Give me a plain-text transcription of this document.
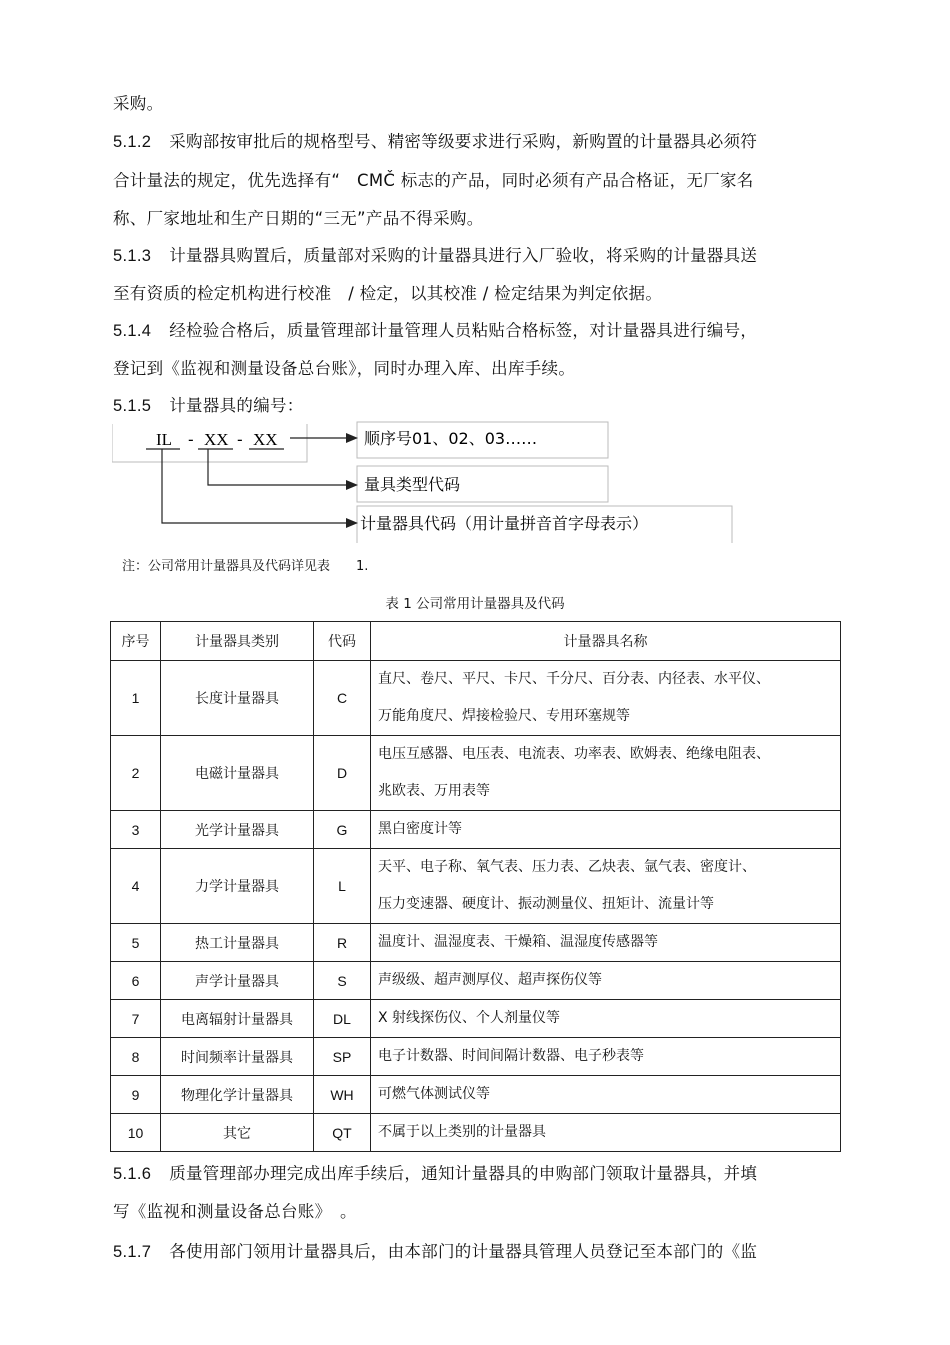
采购。
5.1.2 采购部按审批后的规格型号、精密等级要求进行采购，新购置的计量器具必须符
合计量法的规定，优先选择有“　CMČ 标志的产品，同时必须有产品合格证，无厂家名
称、厂家地址和生产日期的“三无”产品不得采购。
5.1.3 计量器具购置后，质量部对采购的计量器具进行入厂验收，将采购的计量器具送
至有资质的检定机构进行校准　/ 检定，以其校准 / 检定结果为判定依据。
5.1.4 经检验合格后，质量管理部计量管理人员粘贴合格标签，对计量器具进行编号，
登记到《监视和测量设备总台账》，同时办理入库、出库手续。
5.1.5 计量器具的编号：
IL - XX - XX	顺序号01、02、03……
量具类型代码
计量器具代码（用计量拼音首字母表示）
注：公司常用计量器具及代码详见表　　1.
表 1 公司常用计量器具及代码
序号	计量器具类别	代码	计量器具名称
1	长度计量器具	C	直尺、卷尺、平尺、卡尺、千分尺、百分表、内径表、水平仪、
万能角度尺、焊接检验尺、专用环塞规等

2	电磁计量器具	D	电压互感器、电压表、电流表、功率表、欧姆表、绝缘电阻表、
兆欧表、万用表等

3	光学计量器具	G	黑白密度计等

4	力学计量器具	L	天平、电子称、氧气表、压力表、乙炔表、氩气表、密度计、
压力变速器、硬度计、振动测量仪、扭矩计、流量计等

5	热工计量器具	R	温度计、温湿度表、干燥箱、温湿度传感器等

6	声学计量器具	S	声级级、超声测厚仪、超声探伤仪等

7	电离辐射计量器具	DL	X 射线探伤仪、个人剂量仪等

8	时间频率计量器具	SP	电子计数器、时间间隔计数器、电子秒表等

9	物理化学计量器具	WH	可燃气体测试仪等

10	其它	QT	不属于以上类别的计量器具
5.1.6 质量管理部办理完成出库手续后，通知计量器具的申购部门领取计量器具，并填
写《监视和测量设备总台账》　。
5.1.7 各使用部门领用计量器具后，由本部门的计量器具管理人员登记至本部门的《监
